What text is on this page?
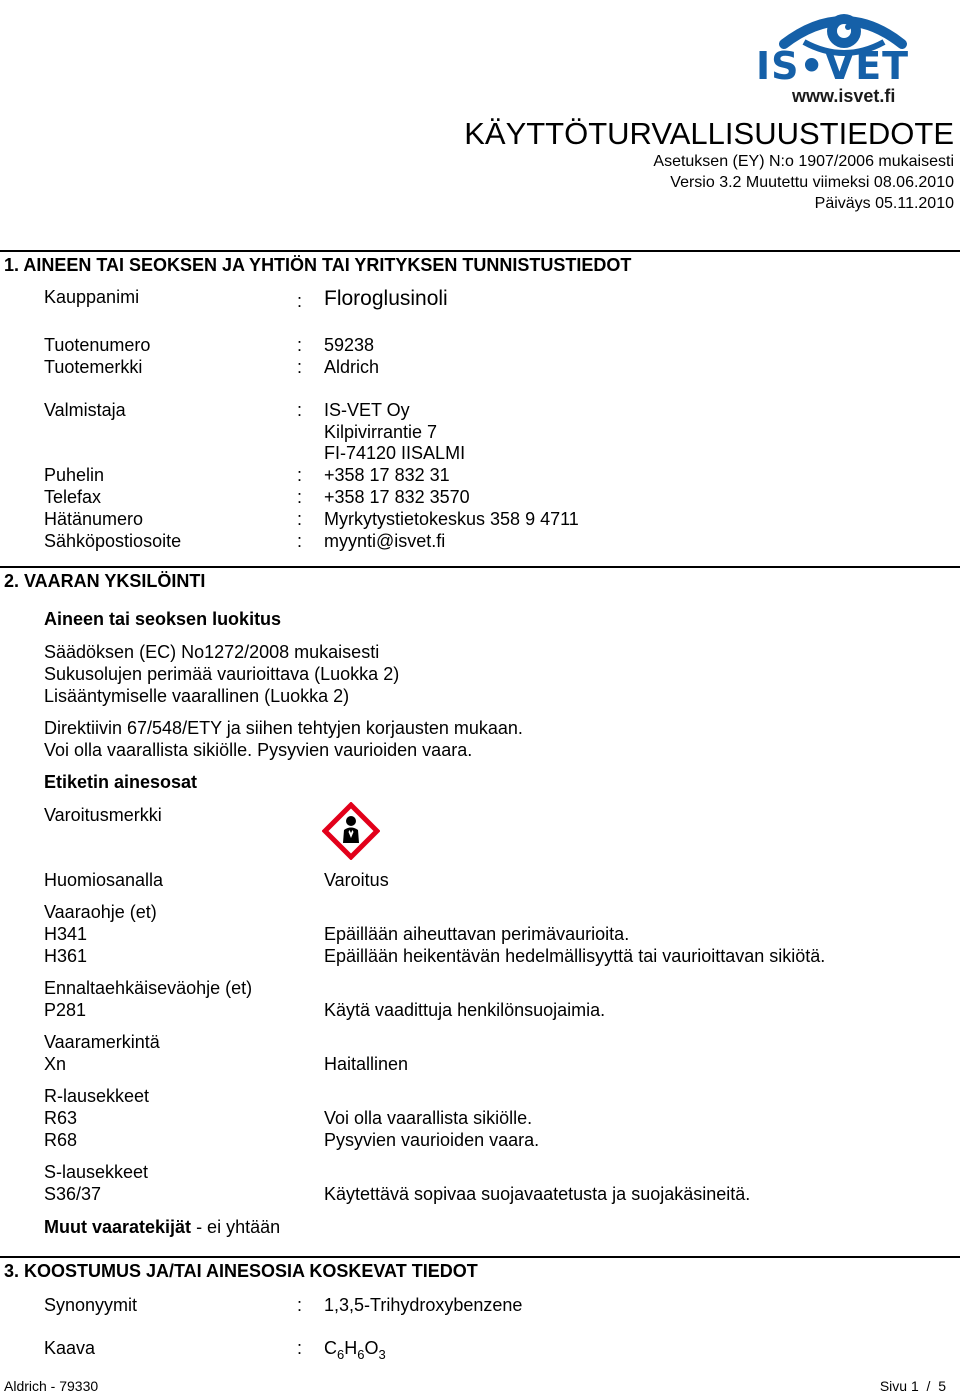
IS•VET
www.isvet.fi
KÄYTTÖTURVALLISUUSTIEDOTE
Asetuksen (EY) N:o 1907/2006 mukaisesti
Versio 3.2 Muutettu viimeksi 08.06.2010
Päiväys 05.11.2010
1. AINEEN TAI SEOKSEN JA YHTIÖN TAI YRITYKSEN TUNNISTUSTIEDOT
Kauppanimi	: Floroglusinoli
Tuotenumero	: 59238
Tuotemerkki	: Aldrich
Valmistaja	: IS-VET Oy
Kilpivirrantie 7
FI-74120 IISALMI
Puhelin	: +358 17 832 31
Telefax	: +358 17 832 3570
Hätänumero	: Myrkytystietokeskus 358 9 4711
Sähköpostiosoite	: myynti@isvet.fi
2. VAARAN YKSILÖINTI
Aineen tai seoksen luokitus
Säädöksen (EC) No1272/2008 mukaisesti
Sukusolujen perimää vaurioittava (Luokka 2)
Lisääntymiselle vaarallinen (Luokka 2)
Direktiivin 67/548/ETY ja siihen tehtyjen korjausten mukaan.
Voi olla vaarallista sikiölle. Pysyvien vaurioiden vaara.
Etiketin ainesosat
Varoitusmerkki
Huomiosanalla	Varoitus
Vaaraohje (et)
H341	Epäillään aiheuttavan perimävaurioita.
H361	Epäillään heikentävän hedelmällisyyttä tai vaurioittavan sikiötä.
Ennaltaehkäiseväohje (et)
P281	Käytä vaadittuja henkilönsuojaimia.
Vaaramerkintä
Xn	Haitallinen
R-lausekkeet
R63	Voi olla vaarallista sikiölle.
R68	Pysyvien vaurioiden vaara.
S-lausekkeet
S36/37	Käytettävä sopivaa suojavaatetusta ja suojakäsineitä.
Muut vaaratekijät - ei yhtään
3. KOOSTUMUS JA/TAI AINESOSIA KOSKEVAT TIEDOT
Synonyymit	: 1,3,5-Trihydroxybenzene
Kaava	: $C_6H_6O_3$
Aldrich - 79330	Sivu 1  /  5
